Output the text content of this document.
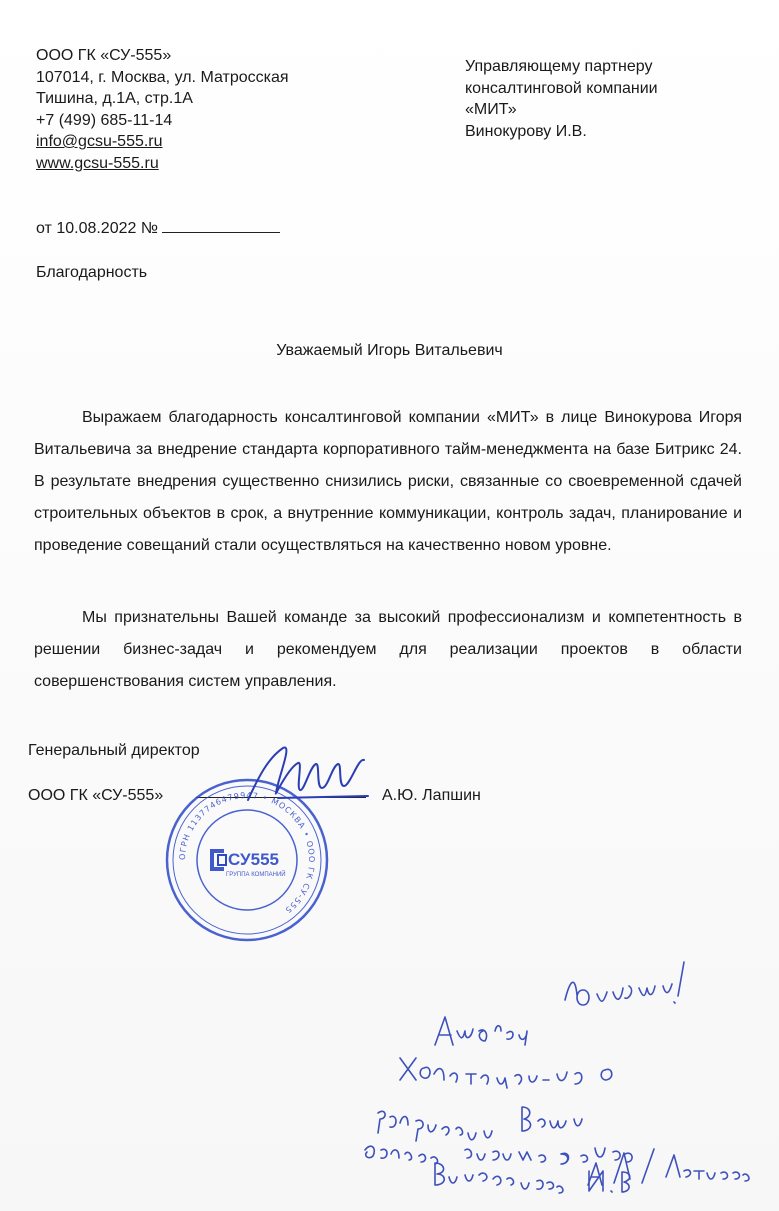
ООО ГК «СУ-555»
107014, г. Москва, ул. Матросская
Тишина, д.1А, стр.1А
+7 (499) 685-11-14
info@gcsu-555.ru
www.gcsu-555.ru
Управляющему партнеру
консалтинговой компании
«МИТ»
Винокурову И.В.
от 10.08.2022 №
Благодарность
Уважаемый Игорь Витальевич
Выражаем благодарность консалтинговой компании «МИТ» в лице Винокурова Игоря Витальевича за внедрение стандарта корпоративного тайм-менеджмента на базе Битрикс 24. В результате внедрения существенно снизились риски, связанные со своевременной сдачей строительных объектов в срок, а внутренние коммуникации, контроль задач, планирование и проведение совещаний стали осуществляться на качественно новом уровне.
Мы признательны Вашей команде за высокий профессионализм и компетентность в решении бизнес-задач и рекомендуем для реализации проектов в области совершенствования систем управления.
Генеральный директор
ООО ГК «СУ-555»	А.Ю. Лапшин
ОГРН 1137746479947 • МОСКВА • ООО ГК СУ-555
СУ555
ГРУППА КОМПАНИЙ
